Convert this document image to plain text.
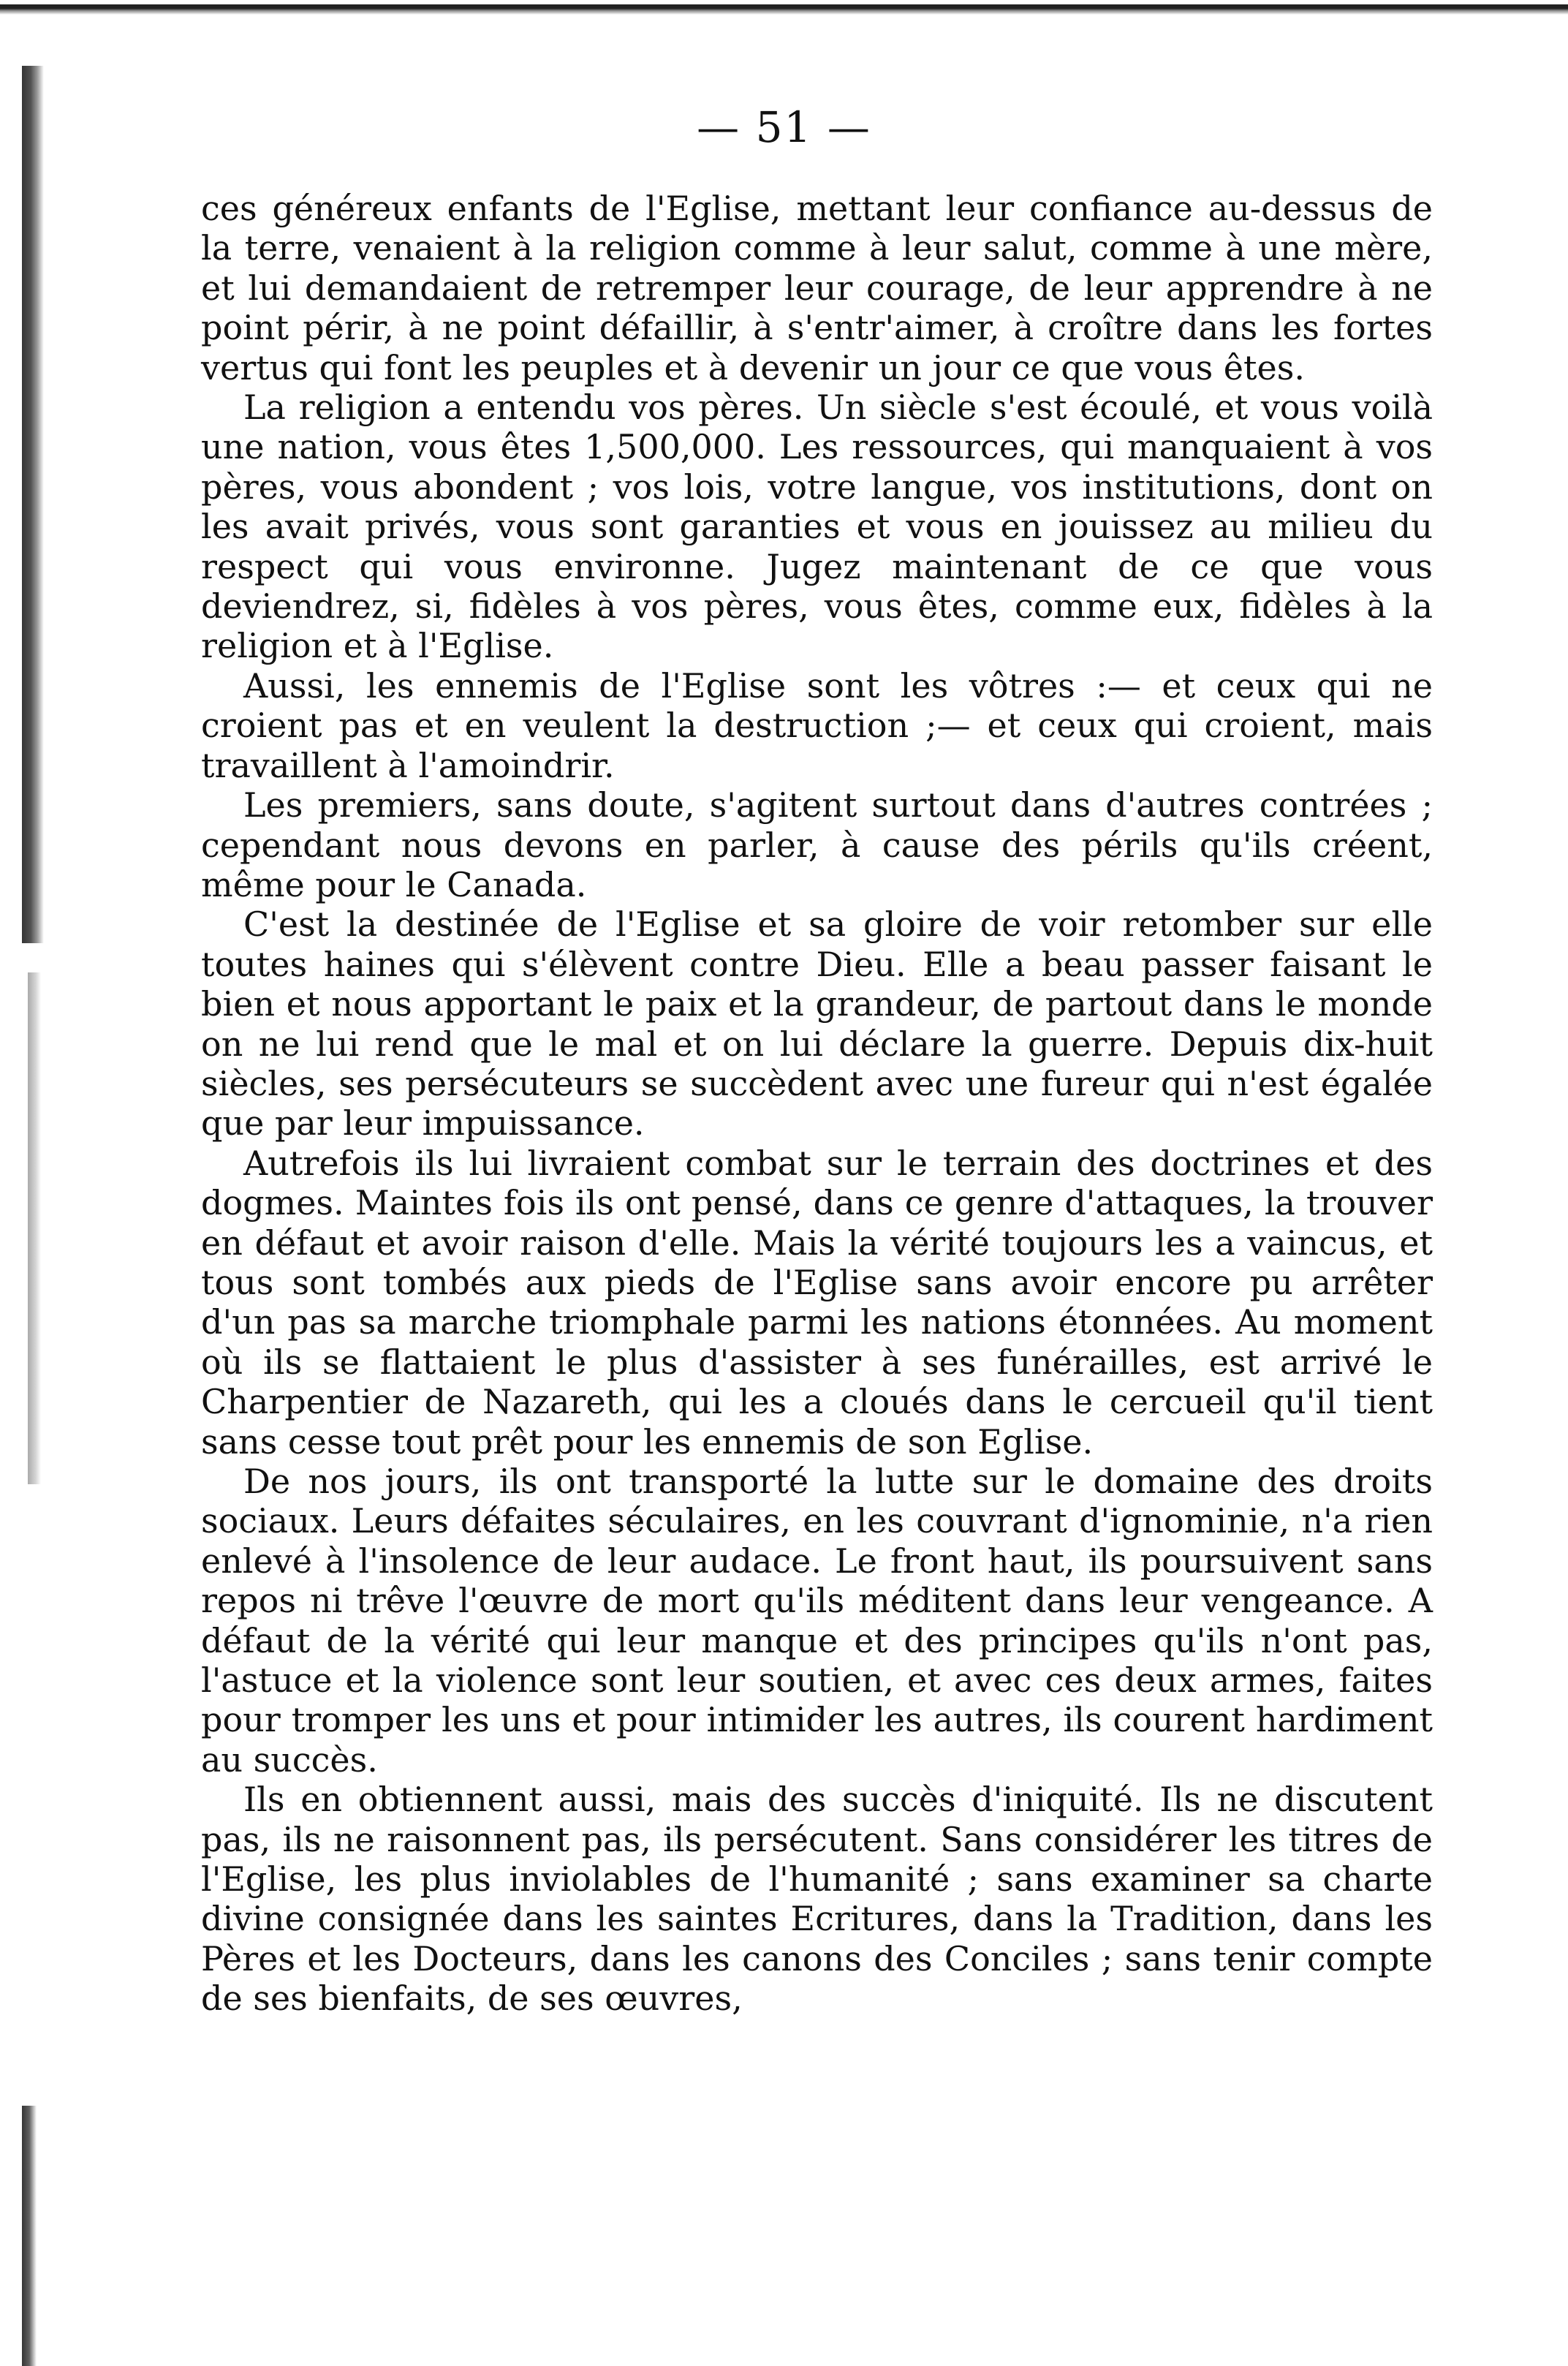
— 51 —

ces généreux enfants de l'Eglise, mettant leur confiance au-dessus de la terre, venaient à la religion comme à leur salut, comme à une mère, et lui demandaient de retremper leur courage, de leur apprendre à ne point périr, à ne point défaillir, à s'entr'aimer, à croître dans les fortes vertus qui font les peuples et à devenir un jour ce que vous êtes.

La religion a entendu vos pères. Un siècle s'est écoulé, et vous voilà une nation, vous êtes 1,500,000. Les ressources, qui manquaient à vos pères, vous abondent ; vos lois, votre langue, vos institutions, dont on les avait privés, vous sont garanties et vous en jouissez au milieu du respect qui vous environne. Jugez maintenant de ce que vous deviendrez, si, fidèles à vos pères, vous êtes, comme eux, fidèles à la religion et à l'Eglise.

Aussi, les ennemis de l'Eglise sont les vôtres :— et ceux qui ne croient pas et en veulent la destruction ;— et ceux qui croient, mais travaillent à l'amoindrir.

Les premiers, sans doute, s'agitent surtout dans d'autres contrées ; cependant nous devons en parler, à cause des périls qu'ils créent, même pour le Canada.

C'est la destinée de l'Eglise et sa gloire de voir retomber sur elle toutes haines qui s'élèvent contre Dieu. Elle a beau passer faisant le bien et nous apportant le paix et la grandeur, de partout dans le monde on ne lui rend que le mal et on lui déclare la guerre. Depuis dix-huit siècles, ses persécuteurs se succèdent avec une fureur qui n'est égalée que par leur impuissance.

Autrefois ils lui livraient combat sur le terrain des doctrines et des dogmes. Maintes fois ils ont pensé, dans ce genre d'attaques, la trouver en défaut et avoir raison d'elle. Mais la vérité toujours les a vaincus, et tous sont tombés aux pieds de l'Eglise sans avoir encore pu arrêter d'un pas sa marche triomphale parmi les nations étonnées. Au moment où ils se flattaient le plus d'assister à ses funérailles, est arrivé le Charpentier de Nazareth, qui les a cloués dans le cercueil qu'il tient sans cesse tout prêt pour les ennemis de son Eglise.

De nos jours, ils ont transporté la lutte sur le domaine des droits sociaux. Leurs défaites séculaires, en les couvrant d'ignominie, n'a rien enlevé à l'insolence de leur audace. Le front haut, ils poursuivent sans repos ni trêve l'œuvre de mort qu'ils méditent dans leur vengeance. A défaut de la vérité qui leur manque et des principes qu'ils n'ont pas, l'astuce et la violence sont leur soutien, et avec ces deux armes, faites pour tromper les uns et pour intimider les autres, ils courent hardiment au succès.

Ils en obtiennent aussi, mais des succès d'iniquité. Ils ne discutent pas, ils ne raisonnent pas, ils persécutent. Sans considérer les titres de l'Eglise, les plus inviolables de l'humanité ; sans examiner sa charte divine consignée dans les saintes Ecritures, dans la Tradition, dans les Pères et les Docteurs, dans les canons des Conciles ; sans tenir compte de ses bienfaits, de ses œuvres,
